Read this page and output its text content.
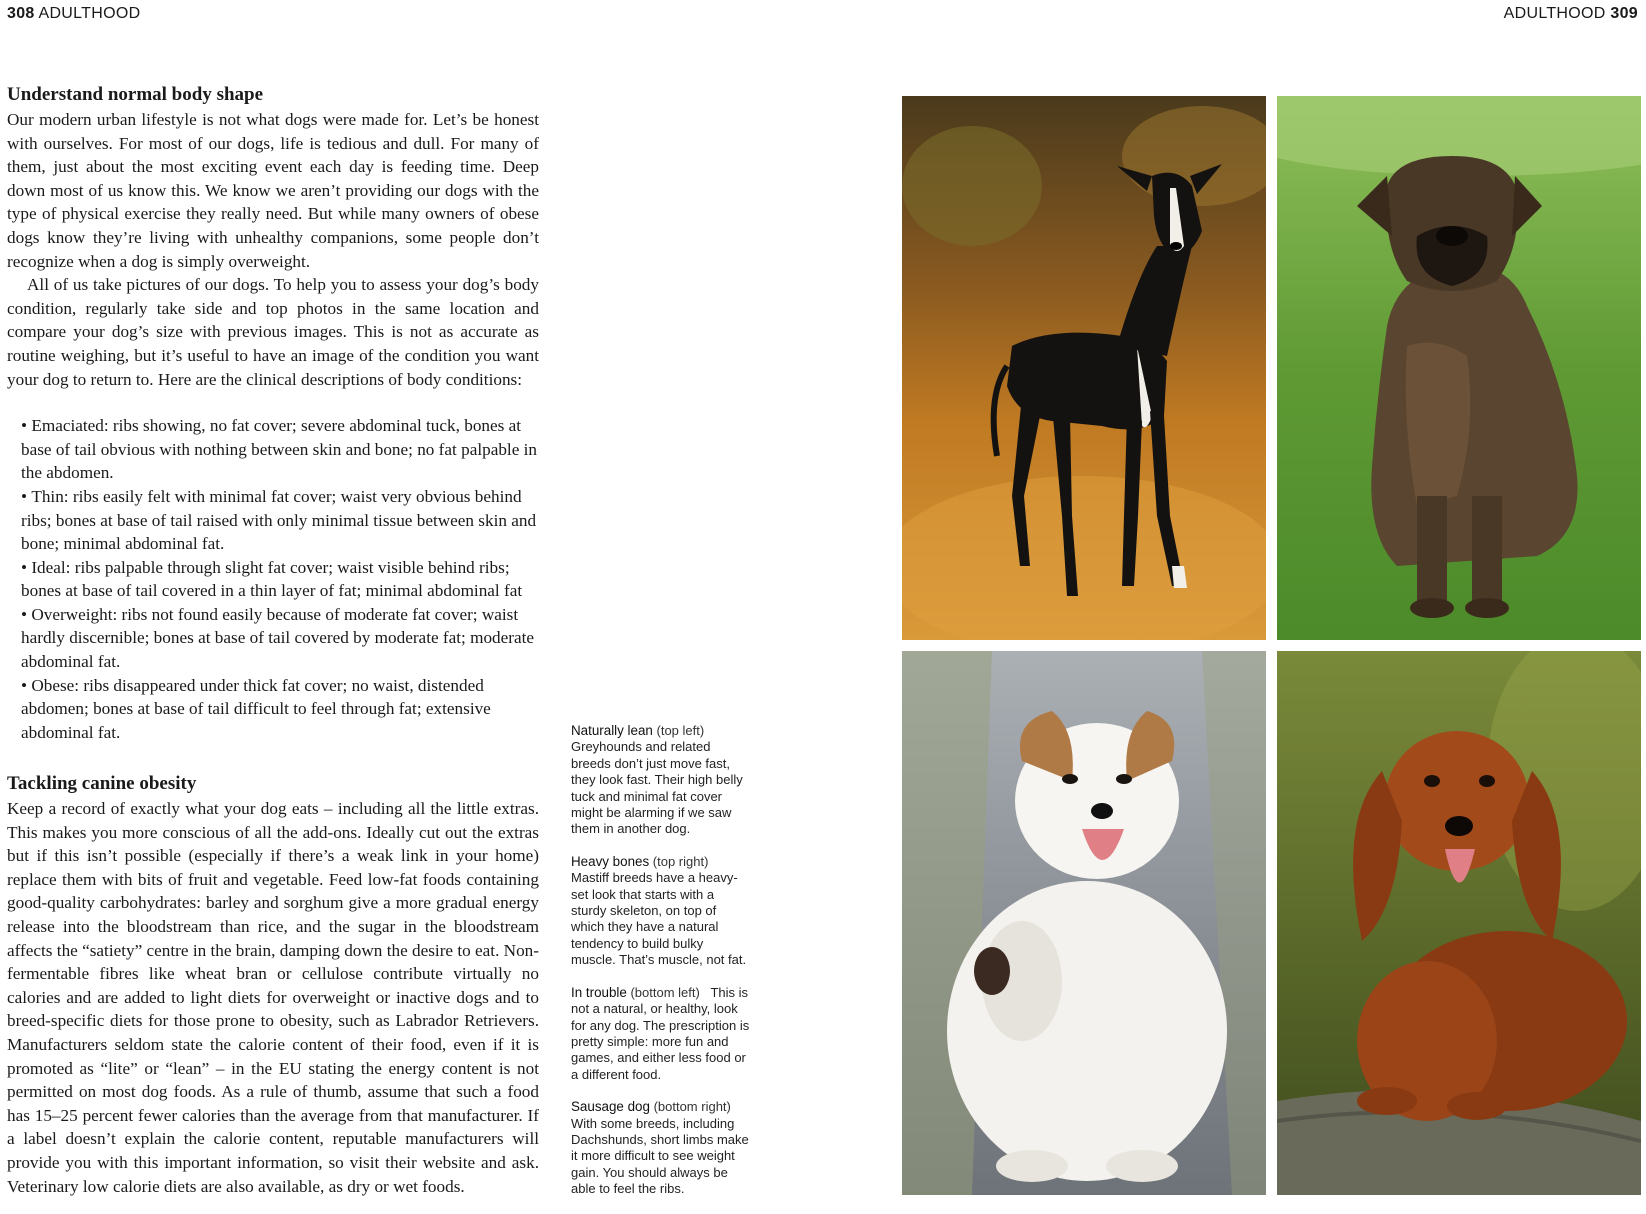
308 ADULTHOOD	ADULTHOOD 309
Understand normal body shape

Our modern urban lifestyle is not what dogs were made for. Let’s be honest with ourselves. For most of our dogs, life is tedious and dull. For many of them, just about the most exciting event each day is feeding time. Deep down most of us know this. We know we aren’t providing our dogs with the type of physical exercise they really need. But while many owners of obese dogs know they’re living with unhealthy companions, some people don’t recognize when a dog is simply overweight.

All of us take pictures of our dogs. To help you to assess your dog’s body condition, regularly take side and top photos in the same location and compare your dog’s size with previous images. This is not as accurate as routine weighing, but it’s useful to have an image of the condition you want your dog to return to. Here are the clinical descriptions of body conditions:

• Emaciated: ribs showing, no fat cover; severe abdominal tuck, bones at base of tail obvious with nothing between skin and bone; no fat palpable in the abdomen.
• Thin: ribs easily felt with minimal fat cover; waist very obvious behind ribs; bones at base of tail raised with only minimal tissue between skin and bone; minimal abdominal fat.
• Ideal: ribs palpable through slight fat cover; waist visible behind ribs; bones at base of tail covered in a thin layer of fat; minimal abdominal fat
• Overweight: ribs not found easily because of moderate fat cover; waist hardly discernible; bones at base of tail covered by moderate fat; moderate abdominal fat.
• Obese: ribs disappeared under thick fat cover; no waist, distended abdomen; bones at base of tail difficult to feel through fat; extensive abdominal fat.
Tackling canine obesity

Keep a record of exactly what your dog eats – including all the little extras. This makes you more conscious of all the add-ons. Ideally cut out the extras but if this isn’t possible (especially if there’s a weak link in your home) replace them with bits of fruit and vegetable. Feed low-fat foods containing good-quality carbohydrates: barley and sorghum give a more gradual energy release into the bloodstream than rice, and the sugar in the bloodstream affects the “satiety” centre in the brain, damping down the desire to eat. Non-fermentable fibres like wheat bran or cellulose contribute virtually no calories and are added to light diets for overweight or inactive dogs and to breed-specific diets for those prone to obesity, such as Labrador Retrievers. Manufacturers seldom state the calorie content of their food, even if it is promoted as “lite” or “lean” – in the EU stating the energy content is not permitted on most dog foods. As a rule of thumb, assume that such a food has 15–25 percent fewer calories than the average from that manufacturer. If a label doesn’t explain the calorie content, reputable manufacturers will provide you with this important information, so visit their website and ask. Veterinary low calorie diets are also available, as dry or wet foods.

Naturally lean (top left)
Greyhounds and related breeds don’t just move fast, they look fast. Their high belly tuck and minimal fat cover might be alarming if we saw them in another dog.
Heavy bones (top right)
Mastiff breeds have a heavy-set look that starts with a sturdy skeleton, on top of which they have a natural tendency to build bulky muscle. That’s muscle, not fat.
In trouble (bottom left) This is not a natural, or healthy, look for any dog. The prescription is pretty simple: more fun and games, and either less food or a different food.
Sausage dog (bottom right)
With some breeds, including Dachshunds, short limbs make it more difficult to see weight gain. You should always be able to feel the ribs.
